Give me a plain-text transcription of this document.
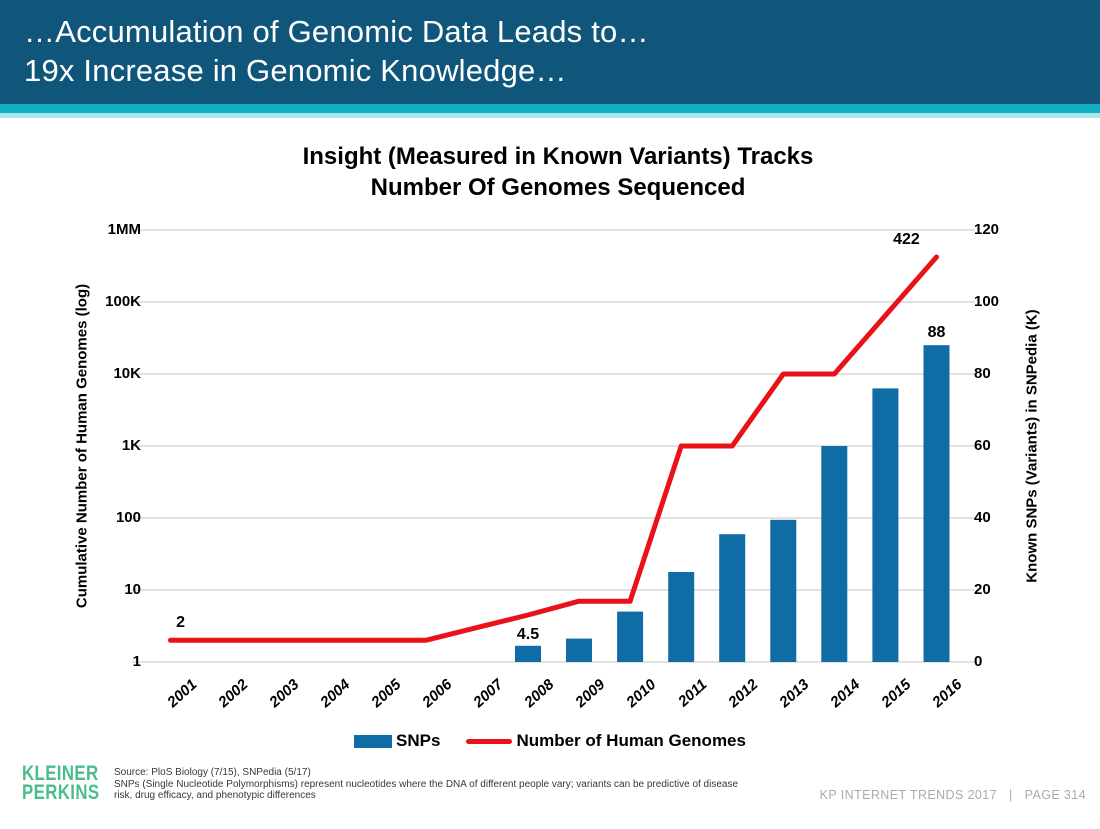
…Accumulation of Genomic Data Leads to…
19x Increase in Genomic Knowledge…
Insight (Measured in Known Variants) Tracks
Number Of Genomes Sequenced
Cumulative Number of Human Genomes (log)	Known SNPs (Variants) in SNPedia (K)
1MM
100K
10K
1K
100
10
1
120
100
80
60
40
20
0
2001 2002 2003 2004 2005 2006 2007 2008 2009 2010 2011 2012 2013 2014 2015 2016
2
4.5
88
422
SNPs	Number of Human Genomes
KLEINER
PERKINS
Source: PloS Biology (7/15), SNPedia (5/17)
SNPs (Single Nucleotide Polymorphisms) represent nucleotides where the DNA of different people vary; variants can be predictive of disease
risk, drug efficacy, and phenotypic differences	KP INTERNET TRENDS 2017 | PAGE 314
